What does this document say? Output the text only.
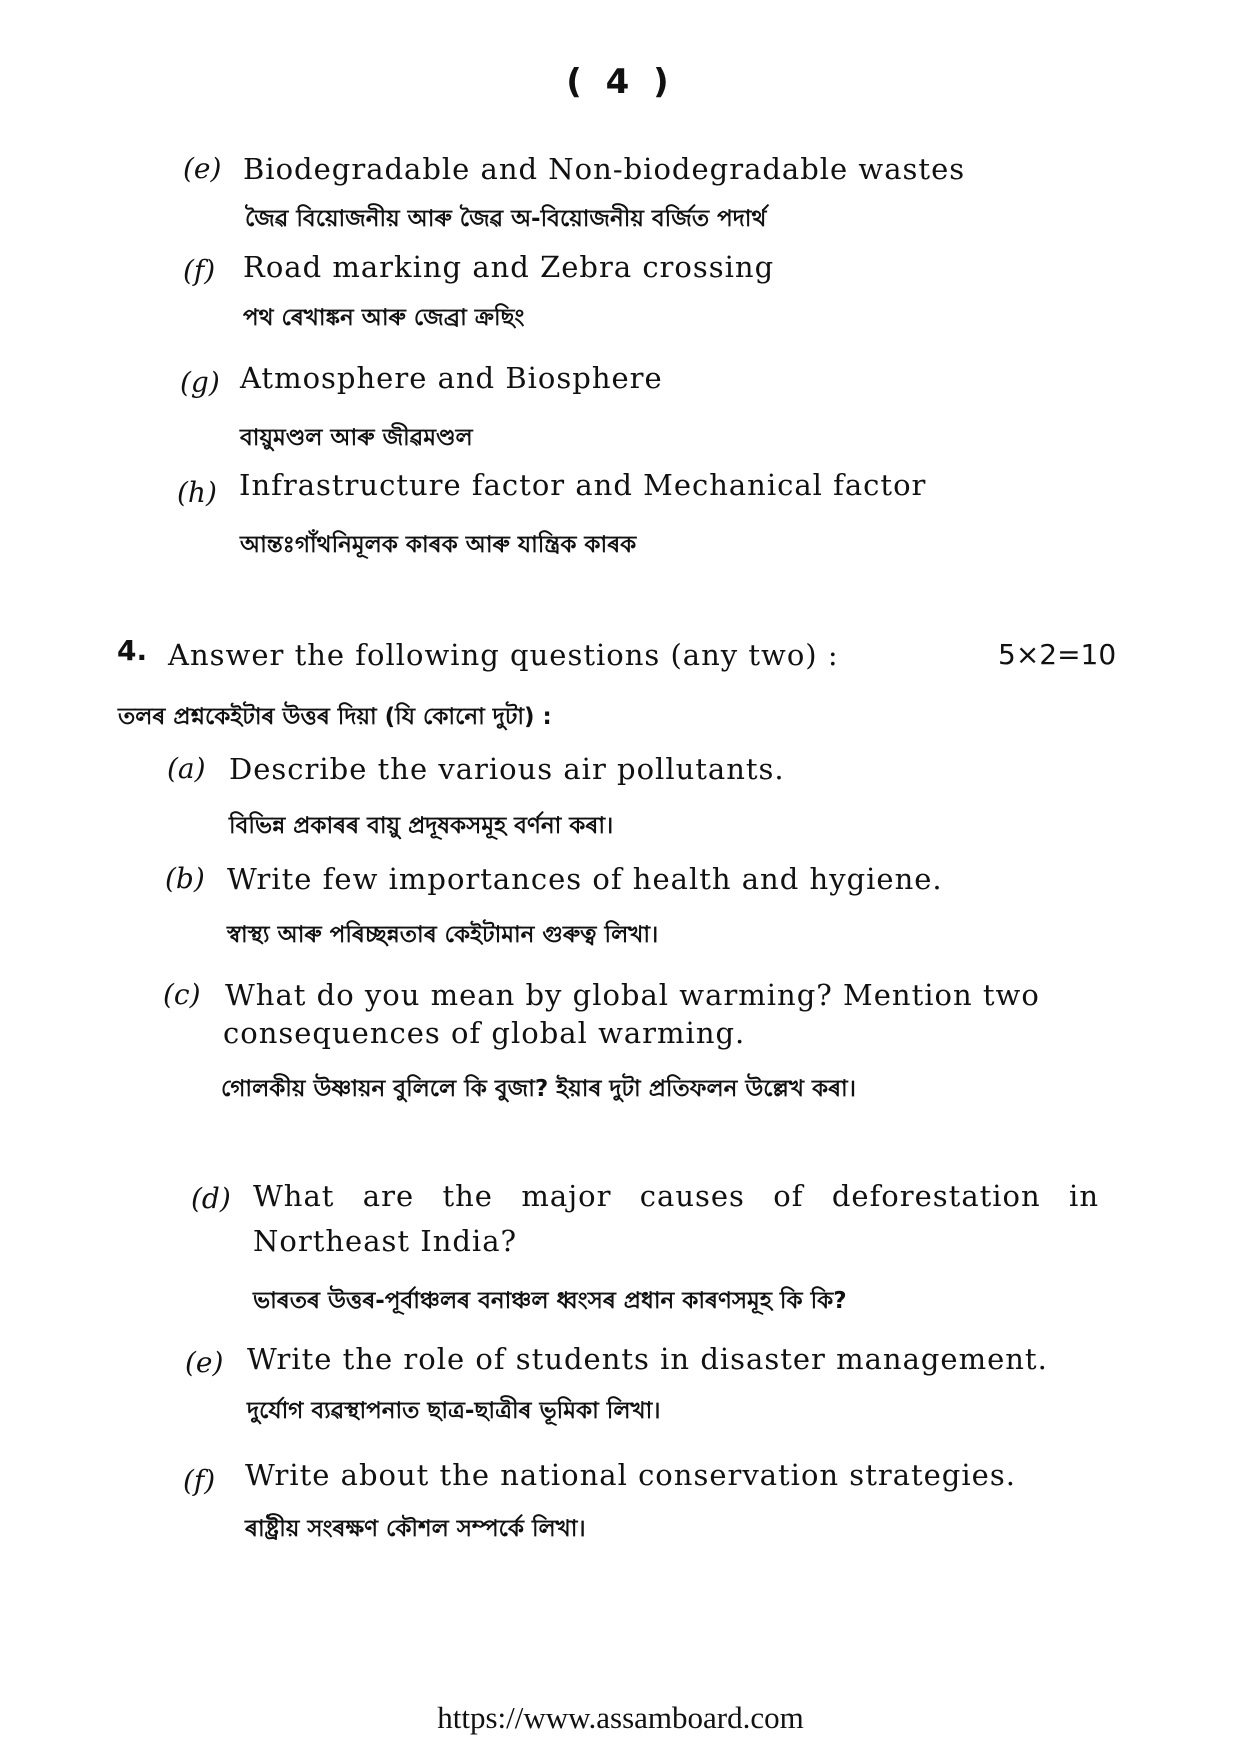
( 4 )
(e) Biodegradable and Non-biodegradable wastes
জৈৱ বিয়োজনীয় আৰু জৈৱ অ-বিয়োজনীয় বৰ্জিত পদাৰ্থ
(f) Road marking and Zebra crossing
পথ ৰেখাঙ্কন আৰু জেব্ৰা ক্ৰছিং
(g) Atmosphere and Biosphere
বায়ুমণ্ডল আৰু জীৱমণ্ডল
(h) Infrastructure factor and Mechanical factor
আন্তঃগাঁথনিমূলক কাৰক আৰু যান্ত্ৰিক কাৰক
4. Answer the following questions (any two) :	5×2=10
তলৰ প্ৰশ্নকেইটাৰ উত্তৰ দিয়া (যি কোনো দুটা) :
(a) Describe the various air pollutants.
বিভিন্ন প্ৰকাৰৰ বায়ু প্ৰদূষকসমূহ বৰ্ণনা কৰা।
(b) Write few importances of health and hygiene.
স্বাস্থ্য আৰু পৰিচ্ছন্নতাৰ কেইটামান গুৰুত্ব লিখা।
(c) What do you mean by global warming? Mention two
consequences of global warming.
গোলকীয় উষ্ণায়ন বুলিলে কি বুজা? ইয়াৰ দুটা প্ৰতিফলন উল্লেখ কৰা।
(d) What are the major causes of deforestation in
Northeast India?
ভাৰতৰ উত্তৰ-পূৰ্বাঞ্চলৰ বনাঞ্চল ধ্বংসৰ প্ৰধান কাৰণসমূহ কি কি?
(e) Write the role of students in disaster management.
দুৰ্যোগ ব্যৱস্থাপনাত ছাত্ৰ-ছাত্ৰীৰ ভূমিকা লিখা।
(f) Write about the national conservation strategies.
ৰাষ্ট্ৰীয় সংৰক্ষণ কৌশল সম্পৰ্কে লিখা।
https://www.assamboard.com
